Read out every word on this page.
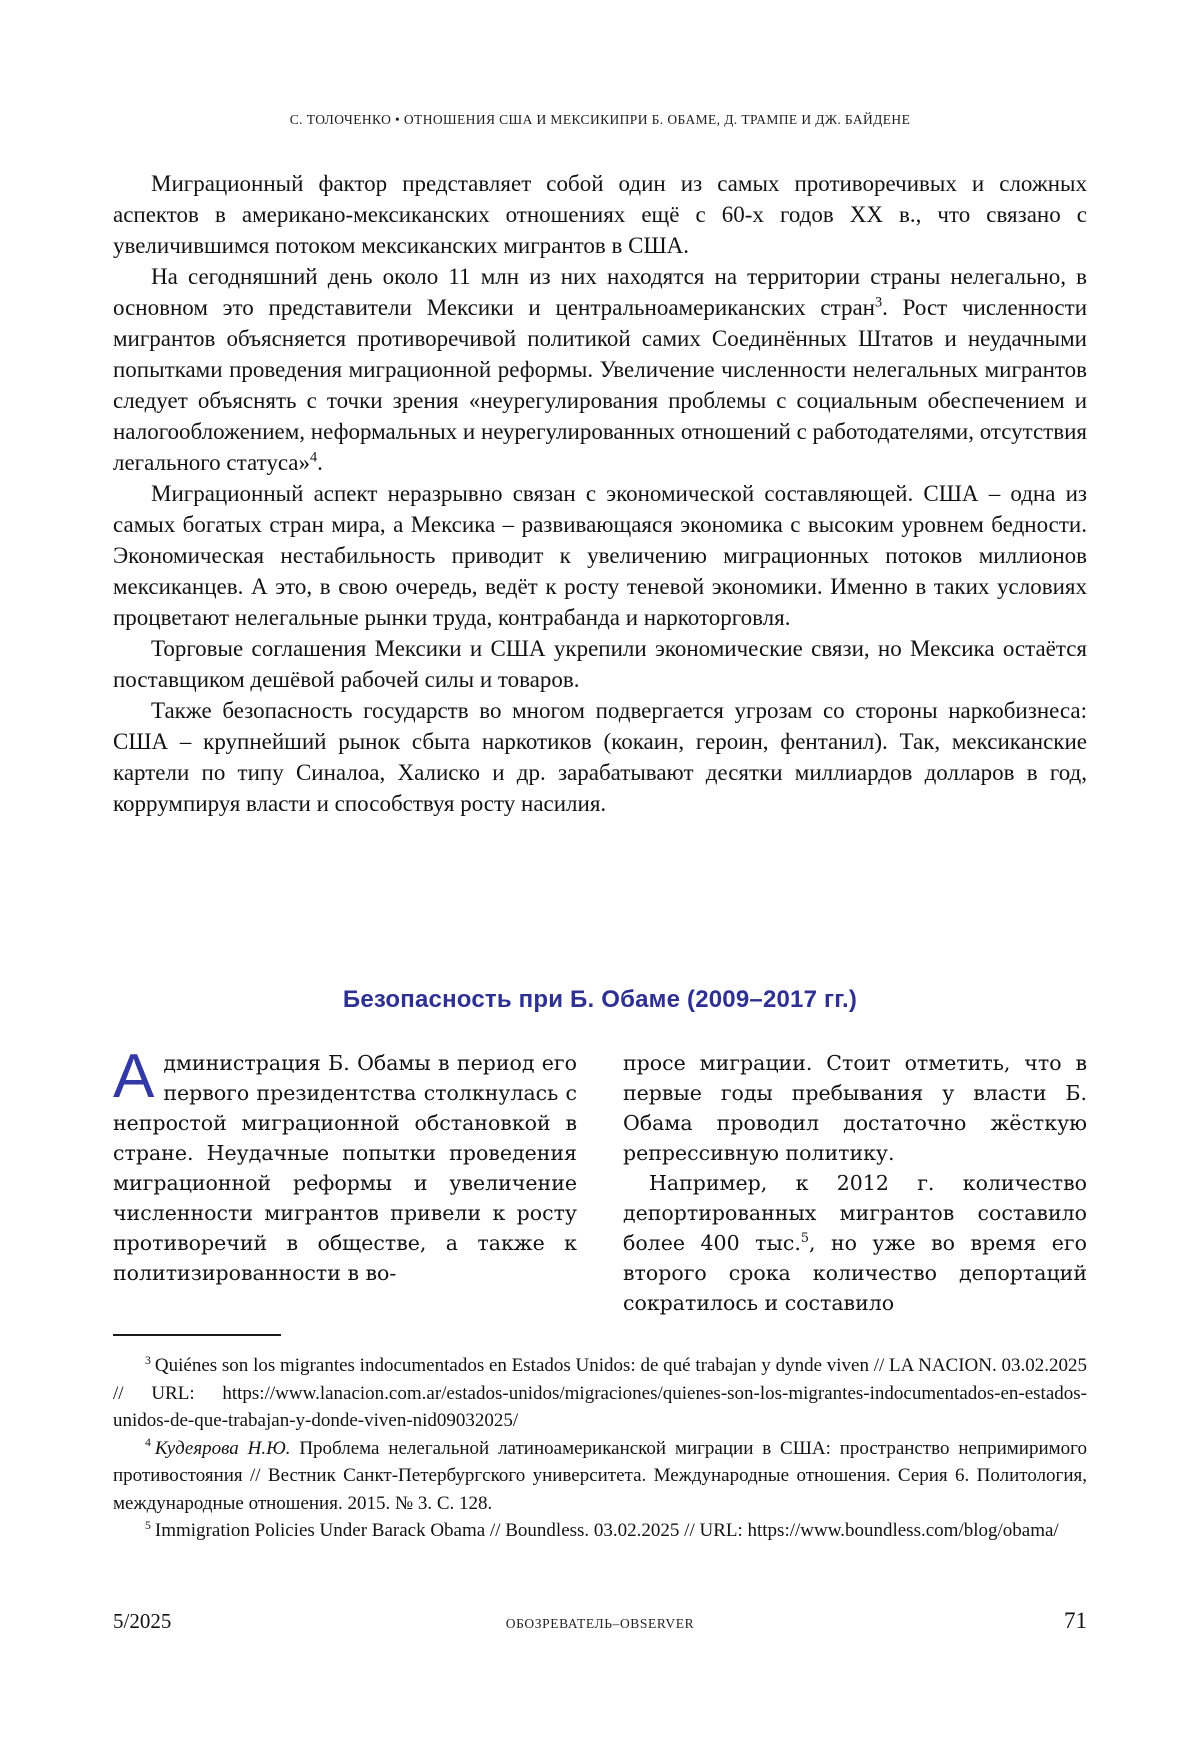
С. ТОЛОЧЕНКО • ОТНОШЕНИЯ США И МЕКСИКИПРИ Б. ОБАМЕ, Д. ТРАМПЕ И ДЖ. БАЙДЕНЕ

Миграционный фактор представляет собой один из самых противоречивых и сложных аспектов в американо-мексиканских отношениях ещё с 60-х годов XX в., что связано с увеличившимся потоком мексиканских мигрантов в США.

На сегодняшний день около 11 млн из них находятся на территории страны нелегально, в основном это представители Мексики и центральноамериканских стран$^3$. Рост численности мигрантов объясняется противоречивой политикой самих Соединённых Штатов и неудачными попытками проведения миграционной реформы. Увеличение численности нелегальных мигрантов следует объяснять с точки зрения «неурегулирования проблемы с социальным обеспечением и налогообложением, неформальных и неурегулированных отношений с работодателями, отсутствия легального статуса»$^4$.

Миграционный аспект неразрывно связан с экономической составляющей. США – одна из самых богатых стран мира, а Мексика – развивающаяся экономика с высоким уровнем бедности. Экономическая нестабильность приводит к увеличению миграционных потоков миллионов мексиканцев. А это, в свою очередь, ведёт к росту теневой экономики. Именно в таких условиях процветают нелегальные рынки труда, контрабанда и наркоторговля.

Торговые соглашения Мексики и США укрепили экономические связи, но Мексика остаётся поставщиком дешёвой рабочей силы и товаров.

Также безопасность государств во многом подвергается угрозам со стороны наркобизнеса: США – крупнейший рынок сбыта наркотиков (кокаин, героин, фентанил). Так, мексиканские картели по типу Синалоа, Халиско и др. зарабатывают десятки миллиардов долларов в год, коррумпируя власти и способствуя росту насилия.

Безопасность при Б. Обаме (2009–2017 гг.)

Администрация Б. Обамы в период его первого президентства столкнулась с непростой миграционной обстановкой в стране. Неудачные попытки проведения миграционной реформы и увеличение численности мигрантов привели к росту противоречий в обществе, а также к политизированности в во-

просе миграции. Стоит отметить, что в первые годы пребывания у власти Б. Обама проводил достаточно жёсткую репрессивную политику.

Например, к 2012 г. количество депортированных мигрантов составило более 400 тыс.$^5$, но уже во время его второго срока количество депортаций сократилось и составило

$^3$ Quiénes son los migrantes indocumentados en Estados Unidos: de qué trabajan y dynde viven // LA NACION. 03.02.2025 // URL: https://www.lanacion.com.ar/estados-unidos/migraciones/quienes-son-los-migrantes-indocumentados-en-estados-unidos-de-que-trabajan-y-donde-viven-nid09032025/

$^4$ Кудеярова Н.Ю. Проблема нелегальной латиноамериканской миграции в США: пространство непримиримого противостояния // Вестник Санкт-Петербургского университета. Международные отношения. Серия 6. Политология, международные отношения. 2015. № 3. С. 128.

$^5$ Immigration Policies Under Barack Obama // Boundless. 03.02.2025 // URL: https://www.boundless.com/blog/obama/

5/2025	ОБОЗРЕВАТЕЛЬ–OBSERVER	71
